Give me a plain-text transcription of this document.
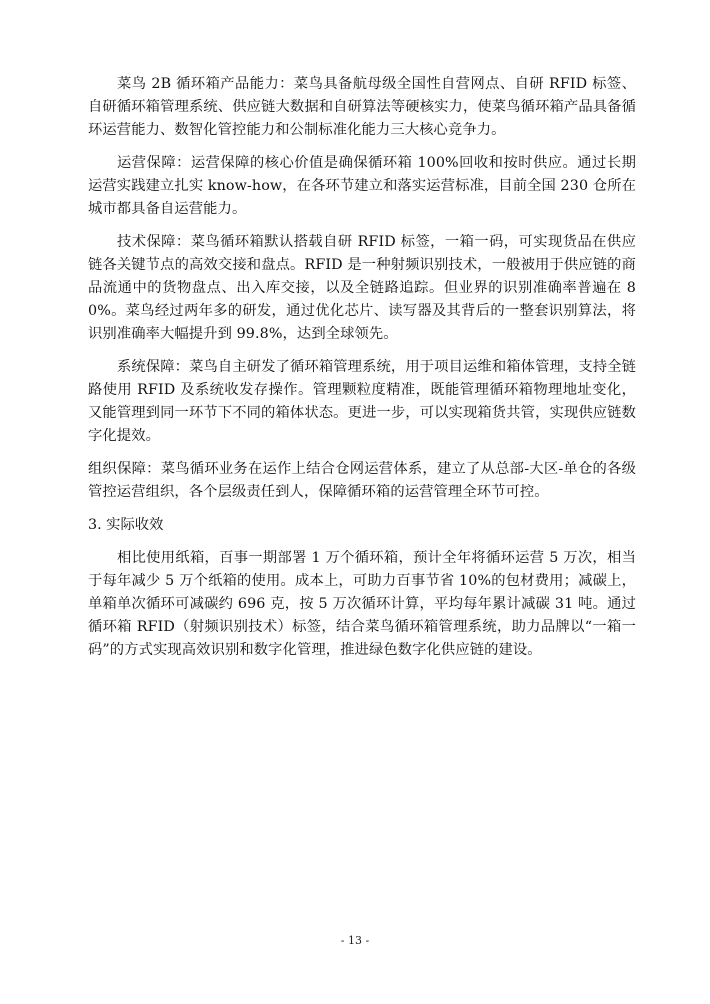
菜鸟 2B 循环箱产品能力：菜鸟具备航母级全国性自营网点、自研 RFID 标签、自研循环箱管理系统、供应链大数据和自研算法等硬核实力，使菜鸟循环箱产品具备循环运营能力、数智化管控能力和公制标准化能力三大核心竞争力。

运营保障：运营保障的核心价值是确保循环箱 100%回收和按时供应。通过长期运营实践建立扎实 know-how，在各环节建立和落实运营标准，目前全国 230 仓所在城市都具备自运营能力。

技术保障：菜鸟循环箱默认搭载自研 RFID 标签，一箱一码，可实现货品在供应链各关键节点的高效交接和盘点。RFID 是一种射频识别技术，一般被用于供应链的商品流通中的货物盘点、出入库交接，以及全链路追踪。但业界的识别准确率普遍在 80%。菜鸟经过两年多的研发，通过优化芯片、读写器及其背后的一整套识别算法，将识别准确率大幅提升到 99.8%，达到全球领先。

系统保障：菜鸟自主研发了循环箱管理系统，用于项目运维和箱体管理，支持全链路使用 RFID 及系统收发存操作。管理颗粒度精准，既能管理循环箱物理地址变化，又能管理到同一环节下不同的箱体状态。更进一步，可以实现箱货共管，实现供应链数字化提效。

组织保障：菜鸟循环业务在运作上结合仓网运营体系，建立了从总部-大区-单仓的各级管控运营组织，各个层级责任到人，保障循环箱的运营管理全环节可控。

3. 实际收效

相比使用纸箱，百事一期部署 1 万个循环箱，预计全年将循环运营 5 万次，相当于每年减少 5 万个纸箱的使用。成本上，可助力百事节省 10%的包材费用；减碳上，单箱单次循环可减碳约 696 克，按 5 万次循环计算，平均每年累计减碳 31 吨。通过循环箱 RFID（射频识别技术）标签，结合菜鸟循环箱管理系统，助力品牌以“一箱一码”的方式实现高效识别和数字化管理，推进绿色数字化供应链的建设。

- 13 -
